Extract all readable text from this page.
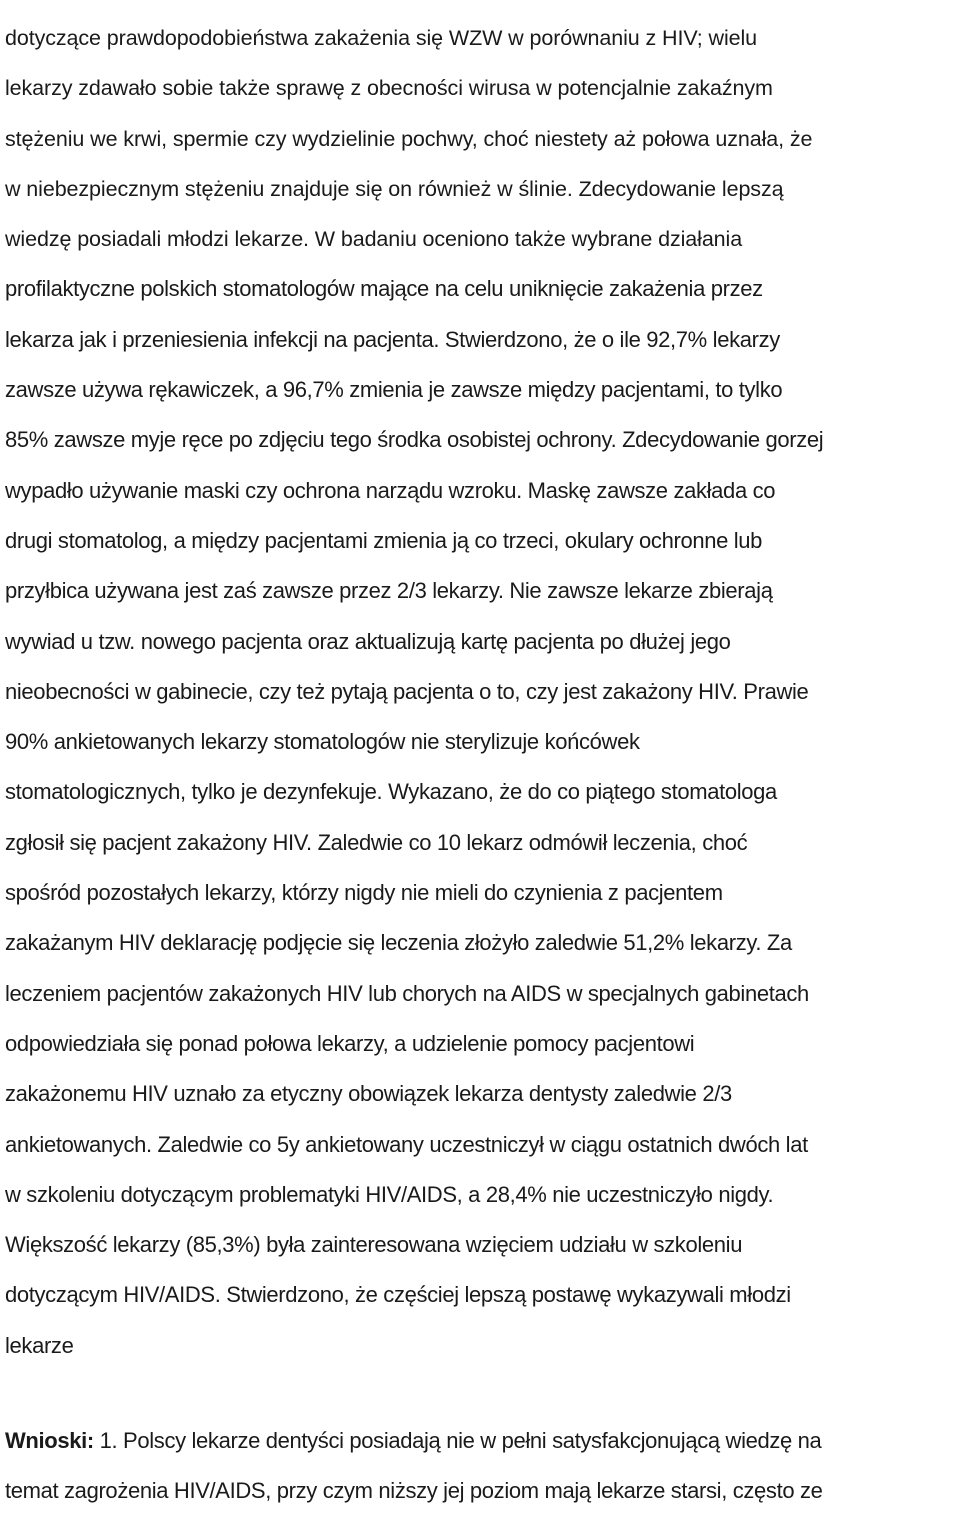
dotyczące prawdopodobieństwa zakażenia się WZW w porównaniu z HIV; wielu
lekarzy zdawało sobie także sprawę z obecności wirusa w potencjalnie zakaźnym
stężeniu we krwi, spermie czy wydzielinie pochwy, choć niestety aż połowa uznała, że
w niebezpiecznym stężeniu znajduje się on również w ślinie. Zdecydowanie lepszą
wiedzę posiadali młodzi lekarze. W badaniu oceniono także wybrane działania
profilaktyczne polskich stomatologów mające na celu uniknięcie zakażenia przez
lekarza jak i przeniesienia infekcji na pacjenta. Stwierdzono, że o ile 92,7% lekarzy
zawsze używa rękawiczek, a 96,7% zmienia je zawsze między pacjentami, to tylko
85% zawsze myje ręce po zdjęciu tego środka osobistej ochrony. Zdecydowanie gorzej
wypadło używanie maski czy ochrona narządu wzroku. Maskę zawsze zakłada co
drugi stomatolog, a między pacjentami zmienia ją co trzeci, okulary ochronne lub
przyłbica używana jest zaś zawsze przez 2/3 lekarzy. Nie zawsze lekarze zbierają
wywiad u tzw. nowego pacjenta oraz aktualizują kartę pacjenta po dłużej jego
nieobecności w gabinecie, czy też pytają pacjenta o to, czy jest zakażony HIV. Prawie
90% ankietowanych lekarzy stomatologów nie sterylizuje końcówek
stomatologicznych, tylko je dezynfekuje. Wykazano, że do co piątego stomatologa
zgłosił się pacjent zakażony HIV. Zaledwie co 10 lekarz odmówił leczenia, choć
spośród pozostałych lekarzy, którzy nigdy nie mieli do czynienia z pacjentem
zakażanym HIV deklarację podjęcie się leczenia złożyło zaledwie 51,2% lekarzy. Za
leczeniem pacjentów zakażonych HIV lub chorych na AIDS w specjalnych gabinetach
odpowiedziała się ponad połowa lekarzy, a udzielenie pomocy pacjentowi
zakażonemu HIV uznało za etyczny obowiązek lekarza dentysty zaledwie 2/3
ankietowanych. Zaledwie co 5y ankietowany uczestniczył w ciągu ostatnich dwóch lat
w szkoleniu dotyczącym problematyki HIV/AIDS, a 28,4% nie uczestniczyło nigdy.
Większość lekarzy (85,3%) była zainteresowana wzięciem udziału w szkoleniu
dotyczącym HIV/AIDS. Stwierdzono, że częściej lepszą postawę wykazywali młodzi
lekarze
Wnioski: 1. Polscy lekarze dentyści posiadają nie w pełni satysfakcjonującą wiedzę na
temat zagrożenia HIV/AIDS, przy czym niższy jej poziom mają lekarze starsi, często ze
